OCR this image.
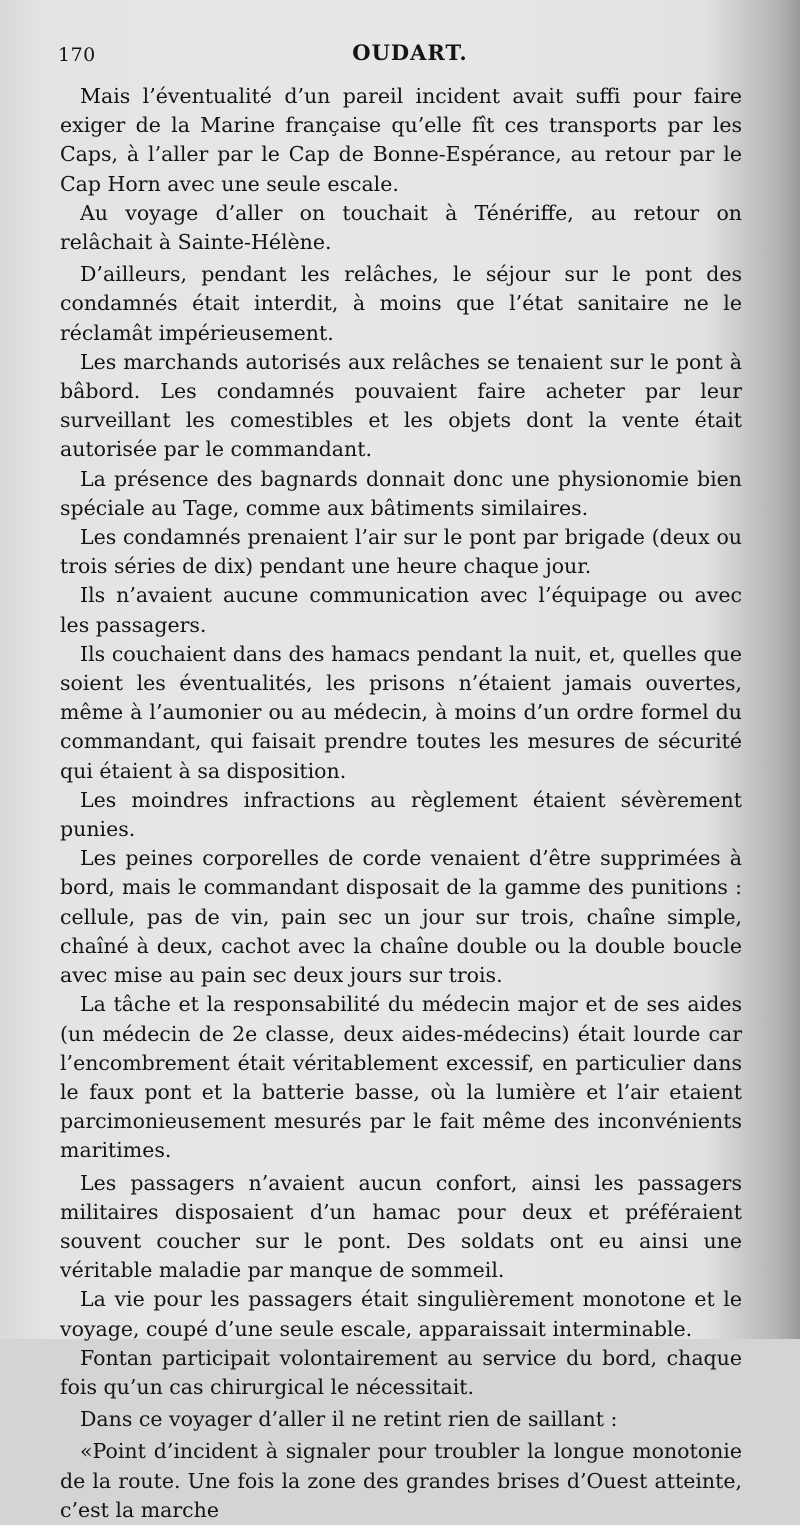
170	OUDART.

Mais l’éventualité d’un pareil incident avait suffi pour faire exiger de la Marine française qu’elle fît ces transports par les Caps, à l’aller par le Cap de Bonne-Espérance, au retour par le Cap Horn avec une seule escale.

Au voyage d’aller on touchait à Ténériffe, au retour on relâchait à Sainte-Hélène.

D’ailleurs, pendant les relâches, le séjour sur le pont des condamnés était interdit, à moins que l’état sanitaire ne le réclamât impérieusement.

Les marchands autorisés aux relâches se tenaient sur le pont à bâbord. Les condamnés pouvaient faire acheter par leur surveillant les comestibles et les objets dont la vente était autorisée par le commandant.

La présence des bagnards donnait donc une physionomie bien spéciale au Tage, comme aux bâtiments similaires.

Les condamnés prenaient l’air sur le pont par brigade (deux ou trois séries de dix) pendant une heure chaque jour.

Ils n’avaient aucune communication avec l’équipage ou avec les passagers.

Ils couchaient dans des hamacs pendant la nuit, et, quelles que soient les éventualités, les prisons n’étaient jamais ouvertes, même à l’aumonier ou au médecin, à moins d’un ordre formel du commandant, qui faisait prendre toutes les mesures de sécurité qui étaient à sa disposition.

Les moindres infractions au règlement étaient sévèrement punies.

Les peines corporelles de corde venaient d’être supprimées à bord, mais le commandant disposait de la gamme des punitions : cellule, pas de vin, pain sec un jour sur trois, chaîne simple, chaîné à deux, cachot avec la chaîne double ou la double boucle avec mise au pain sec deux jours sur trois.

La tâche et la responsabilité du médecin major et de ses aides (un médecin de 2e classe, deux aides-médecins) était lourde car l’encombrement était véritablement excessif, en particulier dans le faux pont et la batterie basse, où la lumière et l’air etaient parcimonieusement mesurés par le fait même des inconvénients maritimes.

Les passagers n’avaient aucun confort, ainsi les passagers militaires disposaient d’un hamac pour deux et préféraient souvent coucher sur le pont. Des soldats ont eu ainsi une véritable maladie par manque de sommeil.

La vie pour les passagers était singulièrement monotone et le voyage, coupé d’une seule escale, apparaissait interminable.

Fontan participait volontairement au service du bord, chaque fois qu’un cas chirurgical le nécessitait.

Dans ce voyager d’aller il ne retint rien de saillant :

«Point d’incident à signaler pour troubler la longue monotonie de la route. Une fois la zone des grandes brises d’Ouest atteinte, c’est la marche
